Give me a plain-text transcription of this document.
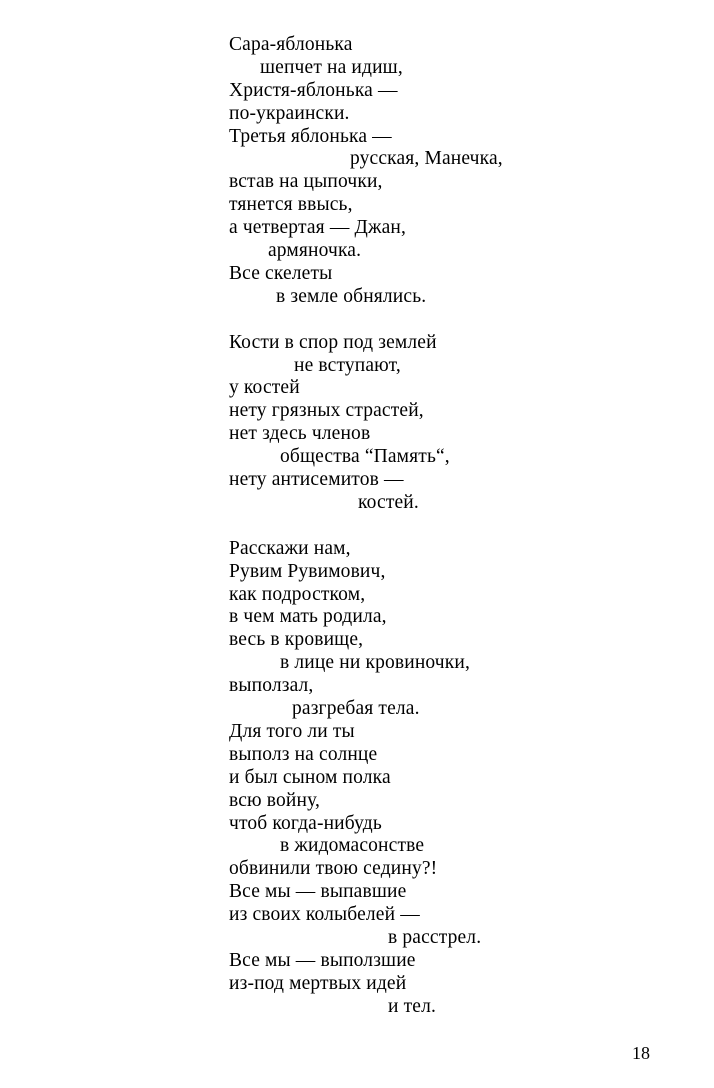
Сара-яблонька
шепчет на идиш,
Христя-яблонька —
по-украински.
Третья яблонька —
русская, Манечка,
встав на цыпочки,
тянется ввысь,
а четвертая — Джан,
армяночка.
Все скелеты
в земле обнялись.
Кости в спор под землей
не вступают,
у костей
нету грязных страстей,
нет здесь членов
общества “Память“,
нету антисемитов —
костей.
Расскажи нам,
Рувим Рувимович,
как подростком,
в чем мать родила,
весь в кровище,
в лице ни кровиночки,
выползал,
разгребая тела.
Для того ли ты
выполз на солнце
и был сыном полка
всю войну,
чтоб когда-нибудь
в жидомасонстве
обвинили твою седину?!
Все мы — выпавшие
из своих колыбелей —
в расстрел.
Все мы — выползшие
из-под мертвых идей
и тел.
18
